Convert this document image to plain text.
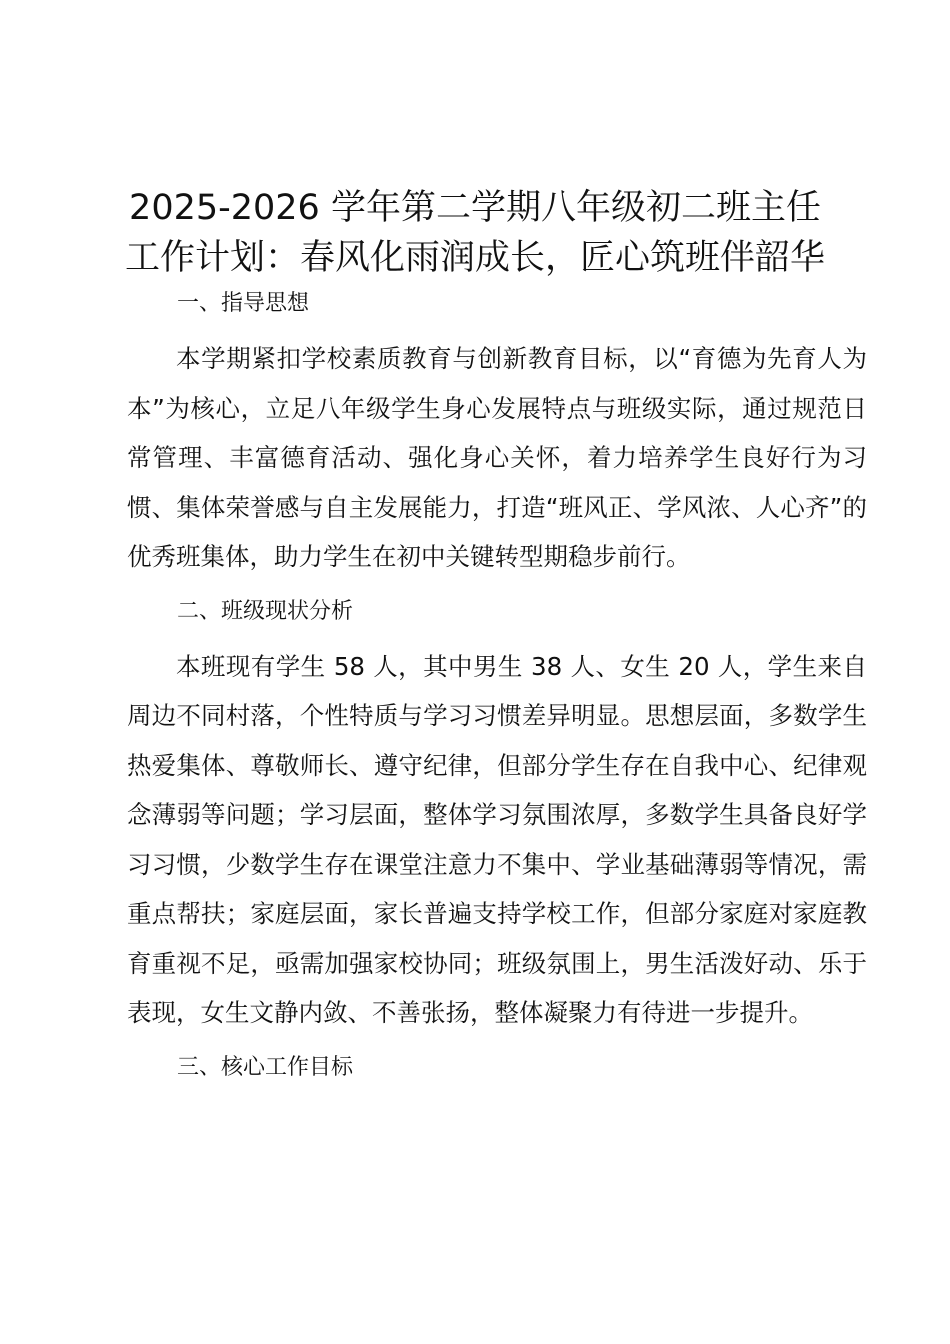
2025-2026 学年第二学期八年级初二班主任
工作计划：春风化雨润成长，匠心筑班伴韶华
一、指导思想

本学期紧扣学校素质教育与创新教育目标，以“育德为先育人为本”为核心，立足八年级学生身心发展特点与班级实际，通过规范日常管理、丰富德育活动、强化身心关怀，着力培养学生良好行为习惯、集体荣誉感与自主发展能力，打造“班风正、学风浓、人心齐”的优秀班集体，助力学生在初中关键转型期稳步前行。

二、班级现状分析

本班现有学生 58 人，其中男生 38 人、女生 20 人，学生来自周边不同村落，个性特质与学习习惯差异明显。思想层面，多数学生热爱集体、尊敬师长、遵守纪律，但部分学生存在自我中心、纪律观念薄弱等问题；学习层面，整体学习氛围浓厚，多数学生具备良好学习习惯，少数学生存在课堂注意力不集中、学业基础薄弱等情况，需重点帮扶；家庭层面，家长普遍支持学校工作，但部分家庭对家庭教育重视不足，亟需加强家校协同；班级氛围上，男生活泼好动、乐于表现，女生文静内敛、不善张扬，整体凝聚力有待进一步提升。

三、核心工作目标
